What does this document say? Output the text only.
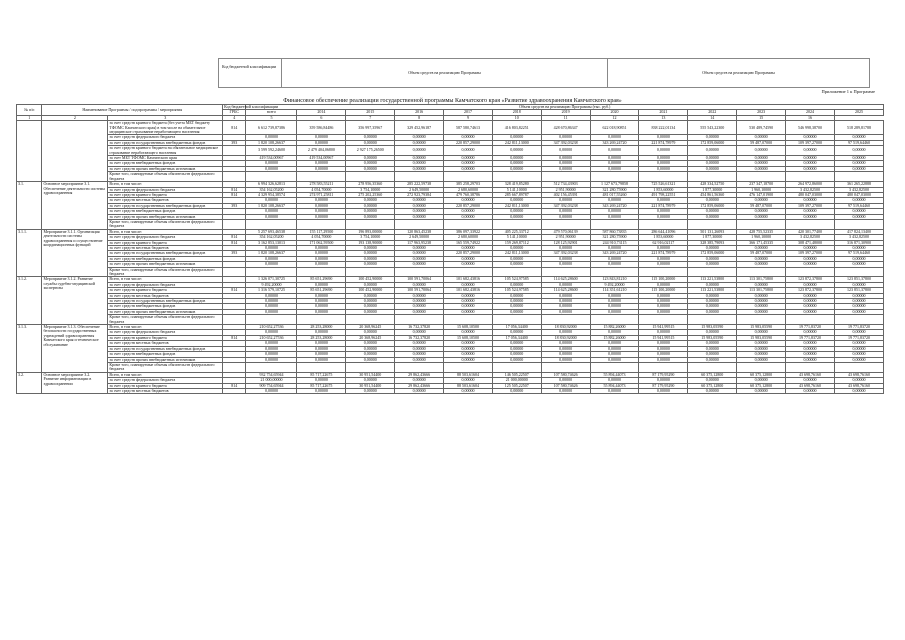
Код бюджетной классификации
Объем средств на реализацию Программы	Объем средств на реализацию Программы
Приложение 1 к Программе
Финансовое обеспечение реализации государственной программы Камчатского края «Развитие здравоохранения Камчатского края»
№ п/п	Наименование Программы / подпрограммы / мероприятия		Код бюджетной классификации	Объем средств на реализацию Программы (тыс. руб.)												
			ГРБС	всего	2014	2015	2016	2017	2018	2019	2020	2021	2022	2023	2024	2025
1	2	3	4	5	6	7	8	9	10	11	12	13	14	15	16	
		за счет средств краевого бюджета (без учета МБТ бюджету ТФОМС Камчатского края) в том числе на обязательное медицинское страхование неработающего населения	814	6 612 739,87386	359 586,84486	356 997,35967	329 452,96187	587 580,74613	416 803,82251	428 670,86347	622 018,90851	838 222,01134	555 543,22300	530 489,74590	546 998,38700	518 289,81788
		за счет средств федерального бюджета		0,00000	0,00000	0,00000	0,00000	0,00000	0,00000	0,00000	0,00000	0,00000	0,00000	0,00000	0,00000	0,00000
		за счет средств государственных внебюджетных фондов	393	1 820 108,26637	0,00000	0,00000	0,00000	220 857,29000	242 811,13000	347 392,03238	343 269,24720	221 874,78979	172 859,06000	59 487,07000	109 397,27000	97 519,64460
		за счет средств краевого бюджета на обязательное медицинское страхование неработающего населения		3 599 592,24600	2 479 404,06800	2 927 175,26500	0,00000	0,00000	0,00000	0,00000	0,00000	0,00000	0,00000	0,00000	0,00000	0,00000
		за счет МБТ ТФОМС Камчатского края		419 534,00967	419 534,00967	0,00000	0,00000	0,00000	0,00000	0,00000	0,00000	0,00000	0,00000	0,00000	0,00000	0,00000
		за счет средств внебюджетных фондов		0,00000	0,00000	0,00000	0,00000	0,00000	0,00000	0,00000	0,00000	0,00000	0,00000	0,00000	0,00000	0,00000
		за счет средств прочих внебюджетных источников		0,00000	0,00000	0,00000	0,00000	0,00000	0,00000	0,00000	0,00000	0,00000	0,00000	0,00000	0,00000	0,00000
		Кроме того, планируемые объемы обязательств федерального бюджета														
3.1.	Основное мероприятие 3.1. Обеспечение деятельности системы здравоохранения	Всего, в том числе:		6 994 326,62813	278 583,55211	278 956,35360	285 222,59738	385 258,29703	328 419,85280	512 734,43903	1 127 673,79858	725 526,61321	428 334,52750	237 347,18700	264 972,86000	361 265,22888
		за счет средств федерального бюджета	814	354 162,05200	4 054,70000	3 754,10000	2 649,50000	2 680,60000	5 141,10000	2 951,90000	321 280,75900	1 853,60000	1 877,30000	1 960,10000	3 432,82500	3 432,82500
		за счет средств краевого бюджета	814	4 329 954,38574	274 971,25811	275 202,25360	272 923,79384	479 760,38786	285 667,89787	402 156,45391	481 017,55260	491 798,22551	454 861,56360	476 147,01900	480 047,03000	480 047,03000
		за счет средств местных бюджетов		0,00000	0,00000	0,00000	0,00000	0,00000	0,00000	0,00000	0,00000	0,00000	0,00000	0,00000	0,00000	0,00000
		за счет средств государственных внебюджетных фондов	393	1 820 108,26637	0,00000	0,00000	0,00000	220 857,29000	242 811,13000	347 392,03238	343 269,24720	221 874,78979	172 859,06000	59 487,07000	109 397,27000	97 519,64460
		за счет средств внебюджетных фондов		0,00000	0,00000	0,00000	0,00000	0,00000	0,00000	0,00000	0,00000	0,00000	0,00000	0,00000	0,00000	0,00000
		за счет средств прочих внебюджетных источников		0,00000	0,00000	0,00000	0,00000	0,00000	0,00000	0,00000	0,00000	0,00000	0,00000	0,00000	0,00000	0,00000
		Кроме того, планируемые объемы обязательств федерального бюджета														
3.1.1.	Мероприятие 3.1.1. Организация деятельности системы здравоохранения и осуществление координационных функций	Всего, в том числе:		5 257 693,46538	155 117,29500	196 893,00000	120 863,45238	386 097,33922	405 225,33712	479 570,06139	587 860,73835	286 644,41096	501 131,26093	428 755,52335	420 301,77400	417 824,13400
		за счет средств федерального бюджета	814	354 162,05200	4 054,70000	3 754,10000	2 649,50000	2 680,60000	5 141,10000	2 951,90000	321 280,75900	1 853,60000	1 877,30000	1 960,10000	3 432,82500	3 432,82500
		за счет средств краевого бюджета	814	3 162 853,13013	171 062,59500	193 138,90000	117 963,95238	165 559,74922	159 269,87112	128 125,92901	244 910,73115	62 916,02117	328 385,79093	366 171,45335	308 471,48000	316 871,30900
		за счет средств местных бюджетов		0,00000	0,00000	0,00000	0,00000	0,00000	0,00000	0,00000	0,00000	0,00000	0,00000	0,00000	0,00000	0,00000
		за счет средств государственных внебюджетных фондов	393	1 820 108,26637	0,00000	0,00000	0,00000	220 857,29000	242 811,13000	347 392,03238	343 269,24720	221 874,78979	172 859,06000	59 487,07000	109 397,27000	97 519,64460
		за счет средств внебюджетных фондов		0,00000	0,00000	0,00000	0,00000	0,00000	0,00000	0,00000	0,00000	0,00000	0,00000	0,00000	0,00000	0,00000
		за счет средств прочих внебюджетных источников		0,00000	0,00000	0,00000	0,00000	0,00000	0,00000	0,00000	0,00000	0,00000	0,00000	0,00000	0,00000	0,00000
		Кроме того, планируемые объемы обязательств федерального бюджета														
3.1.2.	Мероприятие 3.1.2. Развитие службы судебно-медицинской экспертизы	Всего, в том числе:		1 326 071,30725	85 651,29690	100 452,90000	100 591,70064	101 682,43816	105 524,97585	114 625,28600	123 843,81210	115 100,20000	113 221,53800	113 301,75800	123 872,37800	123 851,37800
		за счет средств федерального бюджета		9 492,20000	0,00000	0,00000	0,00000	0,00000	0,00000	0,00000	9 492,20000	0,00000	0,00000	0,00000	0,00000	0,00000
		за счет средств краевого бюджета	814	1 316 579,10725	85 651,29690	100 452,90000	100 591,70064	101 682,43816	105 524,97585	114 625,28600	114 351,61210	115 100,20000	113 221,53800	113 301,75800	123 872,37800	123 851,37800
		за счет средств местных бюджетов		0,00000	0,00000	0,00000	0,00000	0,00000	0,00000	0,00000	0,00000	0,00000	0,00000	0,00000	0,00000	0,00000
		за счет средств государственных внебюджетных фондов		0,00000	0,00000	0,00000	0,00000	0,00000	0,00000	0,00000	0,00000	0,00000	0,00000	0,00000	0,00000	0,00000
		за счет средств внебюджетных фондов		0,00000	0,00000	0,00000	0,00000	0,00000	0,00000	0,00000	0,00000	0,00000	0,00000	0,00000	0,00000	0,00000
		за счет средств прочих внебюджетных источников		0,00000	0,00000	0,00000	0,00000	0,00000	0,00000	0,00000	0,00000	0,00000	0,00000	0,00000	0,00000	0,00000
		Кроме того, планируемые объемы обязательств федерального бюджета														
3.1.3.	Мероприятие 3.1.3. Обеспечение безопасности государственных учреждений здравоохранения Камчатского края и техническое обслуживание	Всего, в том числе:		210 652,27536	28 253,28000	20 368,96245	16 732,37820	15 608,10500	17 056,34400	18 830,92000	15 882,26000	15 941,99515	15 983,05590	15 983,05590	19 771,83720	19 771,83720
		за счет средств федерального бюджета		0,00000	0,00000	0,00000	0,00000	0,00000	0,00000	0,00000	0,00000	0,00000	0,00000	0,00000	0,00000	0,00000
		за счет средств краевого бюджета	814	210 652,27536	28 253,28000	20 368,96245	16 732,37820	15 608,10500	17 056,34400	18 830,92000	15 882,26000	15 941,99515	15 983,05590	15 983,05590	19 771,83720	19 771,83720
		за счет средств местных бюджетов		0,00000	0,00000	0,00000	0,00000	0,00000	0,00000	0,00000	0,00000	0,00000	0,00000	0,00000	0,00000	0,00000
		за счет средств государственных внебюджетных фондов		0,00000	0,00000	0,00000	0,00000	0,00000	0,00000	0,00000	0,00000	0,00000	0,00000	0,00000	0,00000	0,00000
		за счет средств внебюджетных фондов		0,00000	0,00000	0,00000	0,00000	0,00000	0,00000	0,00000	0,00000	0,00000	0,00000	0,00000	0,00000	0,00000
		за счет средств прочих внебюджетных источников		0,00000	0,00000	0,00000	0,00000	0,00000	0,00000	0,00000	0,00000	0,00000	0,00000	0,00000	0,00000	0,00000
		Кроме того, планируемые объемы обязательств федерального бюджета														
3.2.	Основное мероприятие 3.2. Развитие информатизации в здравоохранении	Всего, в том числе:		932 754,65944	85 717,22675	30 951,54400	29 862,43666	88 503,61604	146 505,22507	107 580,74626	55 894,44073	87 179,95290	60 375,12800	60 375,12800	43 698,76160	43 698,76160
		за счет средств федерального бюджета		21 000,00000	0,00000	0,00000	0,00000	0,00000	21 000,00000	0,00000	0,00000	0,00000	0,00000	0,00000	0,00000	0,00000
		за счет средств краевого бюджета	814	909 754,65944	85 717,22675	30 951,54400	29 862,43666	88 503,61604	125 505,22507	107 580,74626	55 894,44073	87 179,95290	60 375,12800	60 375,12800	43 698,76160	43 698,76160
		за счет средств местных бюджетов		0,00000	0,00000	0,00000	0,00000	0,00000	0,00000	0,00000	0,00000	0,00000	0,00000	0,00000	0,00000	0,00000
